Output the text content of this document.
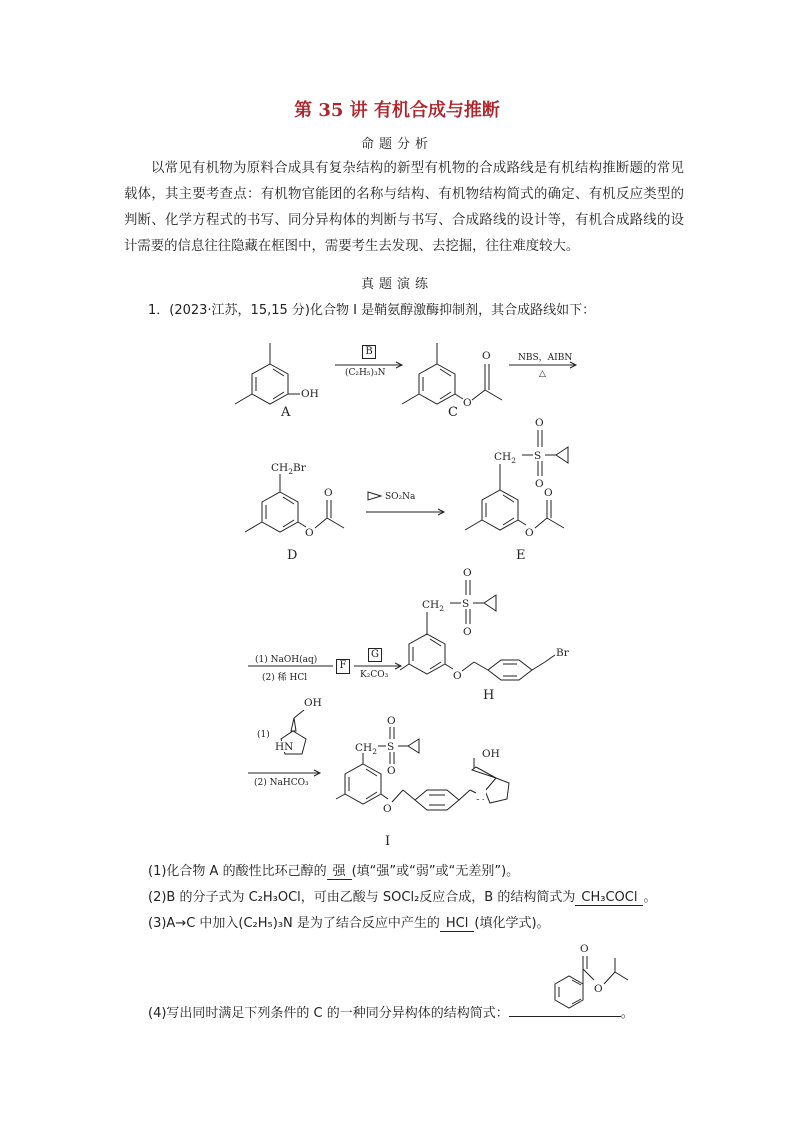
第 35 讲 有机合成与推断
命题分析
以常见有机物为原料合成具有复杂结构的新型有机物的合成路线是有机结构推断题的常见载体，其主要考查点：有机物官能团的名称与结构、有机物结构简式的确定、有机反应类型的判断、化学方程式的书写、同分异构体的判断与书写、合成路线的设计等，有机合成路线的设计需要的信息往往隐藏在框图中，需要考生去发现、去挖掘，往往难度较大。
真题演练
1．(2023·江苏，15,15 分)化合物 I 是鞘氨醇激酶抑制剂，其合成路线如下：
OH
O
O
$CH_2Br$
O
O
$CH_2$ S
O
O
O
O
$CH_2$ S
O
O
O
Br
OH
HN	$CH_2$ S
O
O
O
OH
O
O
A	C
D	E
H
I
B
(C₂H₅)₃N
NBS，AIBN
△
SO₂Na
(1) NaOH(aq)
(2) 稀 HCl
F
G
K₂CO₃
(1)
(2) NaHCO₃
(1)化合物 A 的酸性比环己醇的 强 (填“强”或“弱”或“无差别”)。
(2)B 的分子式为 C₂H₃OCl，可由乙酸与 SOCl₂反应合成，B 的结构简式为 CH₃COCl 。
(3)A→C 中加入(C₂H₅)₃N 是为了结合反应中产生的 HCl (填化学式)。
(4)写出同时满足下列条件的 C 的一种同分异构体的结构简式：	。
